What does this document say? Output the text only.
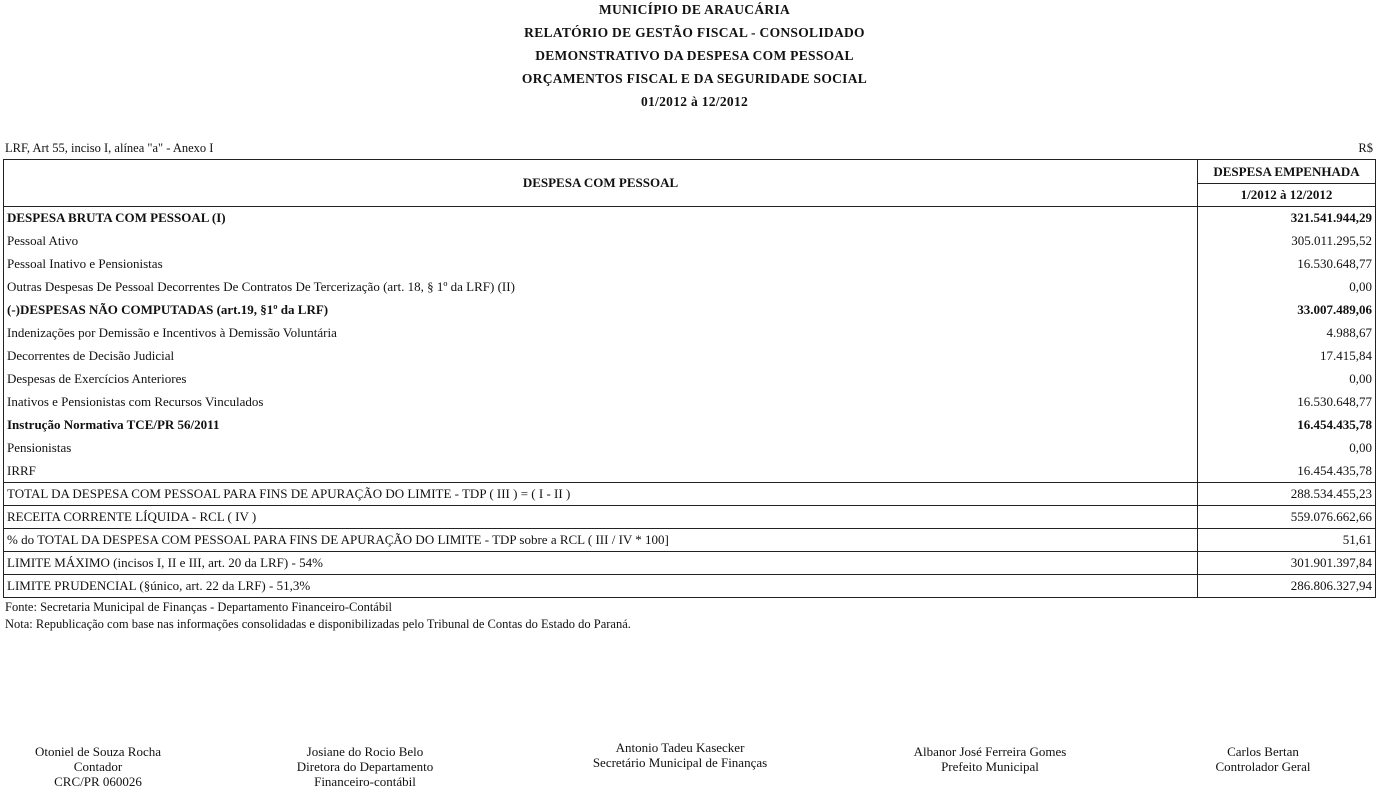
MUNICÍPIO DE ARAUCÁRIA
RELATÓRIO DE GESTÃO FISCAL - CONSOLIDADO
DEMONSTRATIVO DA DESPESA COM PESSOAL
ORÇAMENTOS FISCAL E DA SEGURIDADE SOCIAL
01/2012 à 12/2012
LRF, Art 55, inciso I, alínea "a" - Anexo I	R$
DESPESA COM PESSOAL	DESPESA EMPENHADA
	1/2012 à 12/2012
DESPESA BRUTA COM PESSOAL (I)	321.541.944,29
Pessoal Ativo	305.011.295,52
Pessoal Inativo e Pensionistas	16.530.648,77
Outras Despesas De Pessoal Decorrentes De Contratos De Tercerização (art. 18, § 1º da LRF) (II)	0,00
(-)DESPESAS NÃO COMPUTADAS (art.19, §1º da LRF)	33.007.489,06
Indenizações por Demissão e Incentivos à Demissão Voluntária	4.988,67
Decorrentes de Decisão Judicial	17.415,84
Despesas de Exercícios Anteriores	0,00
Inativos e Pensionistas com Recursos Vinculados	16.530.648,77
Instrução Normativa TCE/PR 56/2011	16.454.435,78
Pensionistas	0,00
IRRF	16.454.435,78
TOTAL DA DESPESA COM PESSOAL PARA FINS DE APURAÇÃO DO LIMITE - TDP ( III ) = ( I - II )	288.534.455,23
RECEITA CORRENTE LÍQUIDA - RCL ( IV )	559.076.662,66
% do TOTAL DA DESPESA COM PESSOAL PARA FINS DE APURAÇÃO DO LIMITE - TDP sobre a RCL ( III / IV * 100]	51,61
LIMITE MÁXIMO (incisos I, II e III, art. 20 da LRF) - 54%	301.901.397,84
LIMITE PRUDENCIAL (§único, art. 22 da LRF) - 51,3%	286.806.327,94
Fonte: Secretaria Municipal de Finanças - Departamento Financeiro-Contábil
Nota: Republicação com base nas informações consolidadas e disponibilizadas pelo Tribunal de Contas do Estado do Paraná.
Otoniel de Souza Rocha
Contador
CRC/PR 060026
Josiane do Rocio Belo
Diretora do Departamento
Financeiro-contábil
Antonio Tadeu Kasecker
Secretário Municipal de Finanças
Albanor José Ferreira Gomes
Prefeito Municipal
Carlos Bertan
Controlador Geral
